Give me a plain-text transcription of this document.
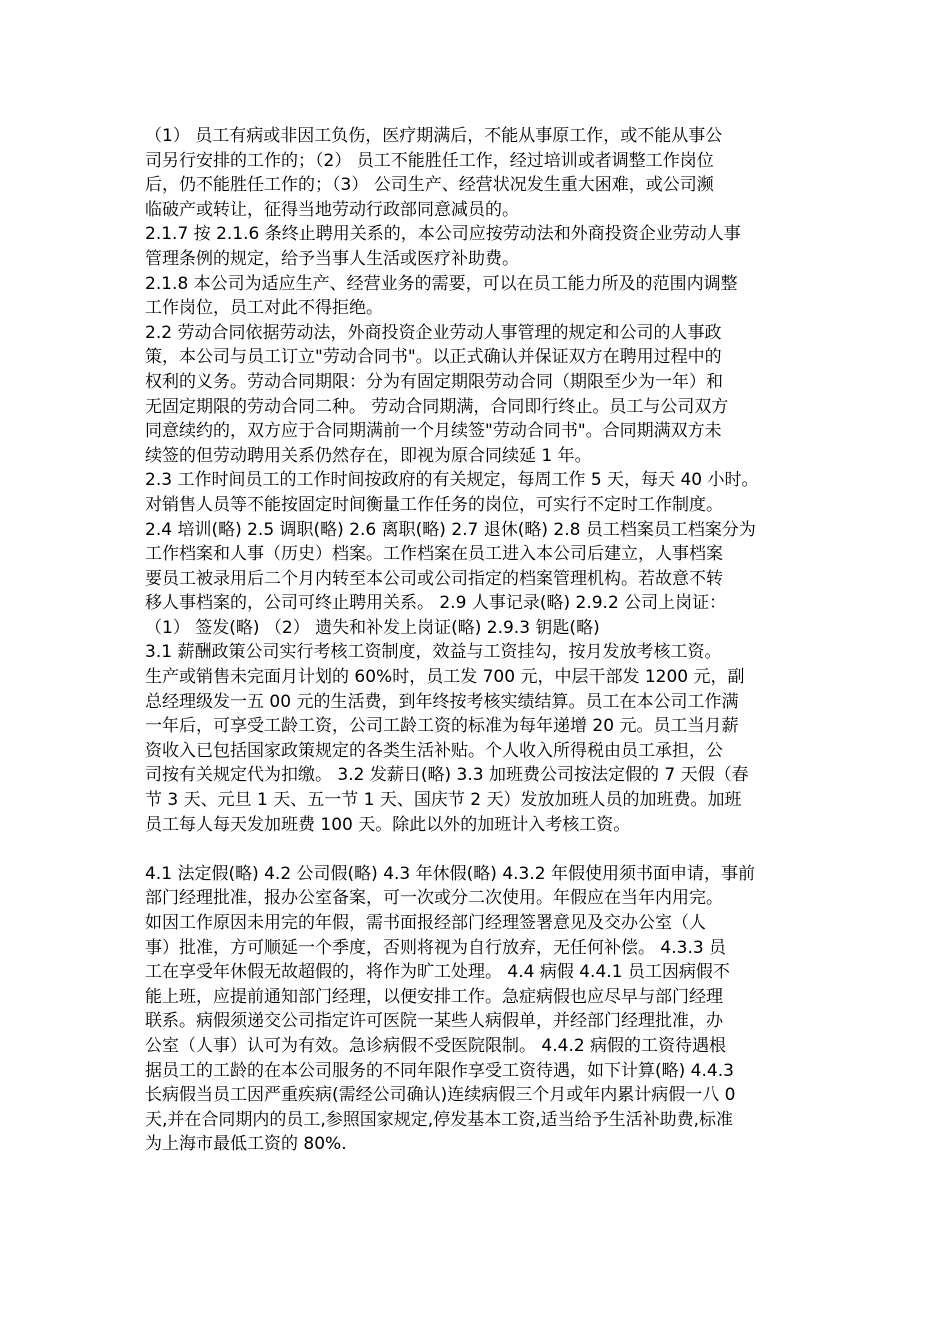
（1） 员工有病或非因工负伤，医疗期满后，不能从事原工作，或不能从事公
司另行安排的工作的；（2） 员工不能胜任工作，经过培训或者调整工作岗位
后，仍不能胜任工作的；（3） 公司生产、经营状况发生重大困难，或公司濒
临破产或转让，征得当地劳动行政部同意减员的。
2.1.7 按 2.1.6 条终止聘用关系的，本公司应按劳动法和外商投资企业劳动人事
管理条例的规定，给予当事人生活或医疗补助费。
2.1.8 本公司为适应生产、经营业务的需要，可以在员工能力所及的范围内调整
工作岗位，员工对此不得拒绝。
2.2 劳动合同依据劳动法，外商投资企业劳动人事管理的规定和公司的人事政
策，本公司与员工订立"劳动合同书"。以正式确认并保证双方在聘用过程中的
权利的义务。劳动合同期限：分为有固定期限劳动合同（期限至少为一年）和
无固定期限的劳动合同二种。 劳动合同期满，合同即行终止。员工与公司双方
同意续约的，双方应于合同期满前一个月续签"劳动合同书"。合同期满双方未
续签的但劳动聘用关系仍然存在，即视为原合同续延 1 年。
2.3 工作时间员工的工作时间按政府的有关规定，每周工作 5 天，每天 40 小时。
对销售人员等不能按固定时间衡量工作任务的岗位，可实行不定时工作制度。
2.4 培训(略) 2.5 调职(略) 2.6 离职(略) 2.7 退休(略) 2.8 员工档案员工档案分为
工作档案和人事（历史）档案。工作档案在员工进入本公司后建立，人事档案
要员工被录用后二个月内转至本公司或公司指定的档案管理机构。若故意不转
移人事档案的，公司可终止聘用关系。 2.9 人事记录(略) 2.9.2 公司上岗证：
（1） 签发(略) （2） 遗失和补发上岗证(略) 2.9.3 钥匙(略)
3.1 薪酬政策公司实行考核工资制度，效益与工资挂勾，按月发放考核工资。
生产或销售未完面月计划的 60%时，员工发 700 元，中层干部发 1200 元，副
总经理级发一五 00 元的生活费，到年终按考核实绩结算。员工在本公司工作满
一年后，可享受工龄工资，公司工龄工资的标准为每年递增 20 元。员工当月薪
资收入已包括国家政策规定的各类生活补贴。个人收入所得税由员工承担，公
司按有关规定代为扣缴。 3.2 发薪日(略) 3.3 加班费公司按法定假的 7 天假（春
节 3 天、元旦 1 天、五一节 1 天、国庆节 2 天）发放加班人员的加班费。加班
员工每人每天发加班费 100 天。除此以外的加班计入考核工资。
4.1 法定假(略) 4.2 公司假(略) 4.3 年休假(略) 4.3.2 年假使用须书面申请，事前
部门经理批准，报办公室备案，可一次或分二次使用。年假应在当年内用完。
如因工作原因未用完的年假，需书面报经部门经理签署意见及交办公室（人
事）批准，方可顺延一个季度，否则将视为自行放弃，无任何补偿。 4.3.3 员
工在享受年休假无故超假的，将作为旷工处理。 4.4 病假 4.4.1 员工因病假不
能上班，应提前通知部门经理，以便安排工作。急症病假也应尽早与部门经理
联系。病假须递交公司指定许可医院一某些人病假单，并经部门经理批准，办
公室（人事）认可为有效。急诊病假不受医院限制。 4.4.2 病假的工资待遇根
据员工的工龄的在本公司服务的不同年限作享受工资待遇，如下计算(略) 4.4.3
长病假当员工因严重疾病(需经公司确认)连续病假三个月或年内累计病假一八 0
天,并在合同期内的员工,参照国家规定,停发基本工资,适当给予生活补助费,标准
为上海市最低工资的 80%.
